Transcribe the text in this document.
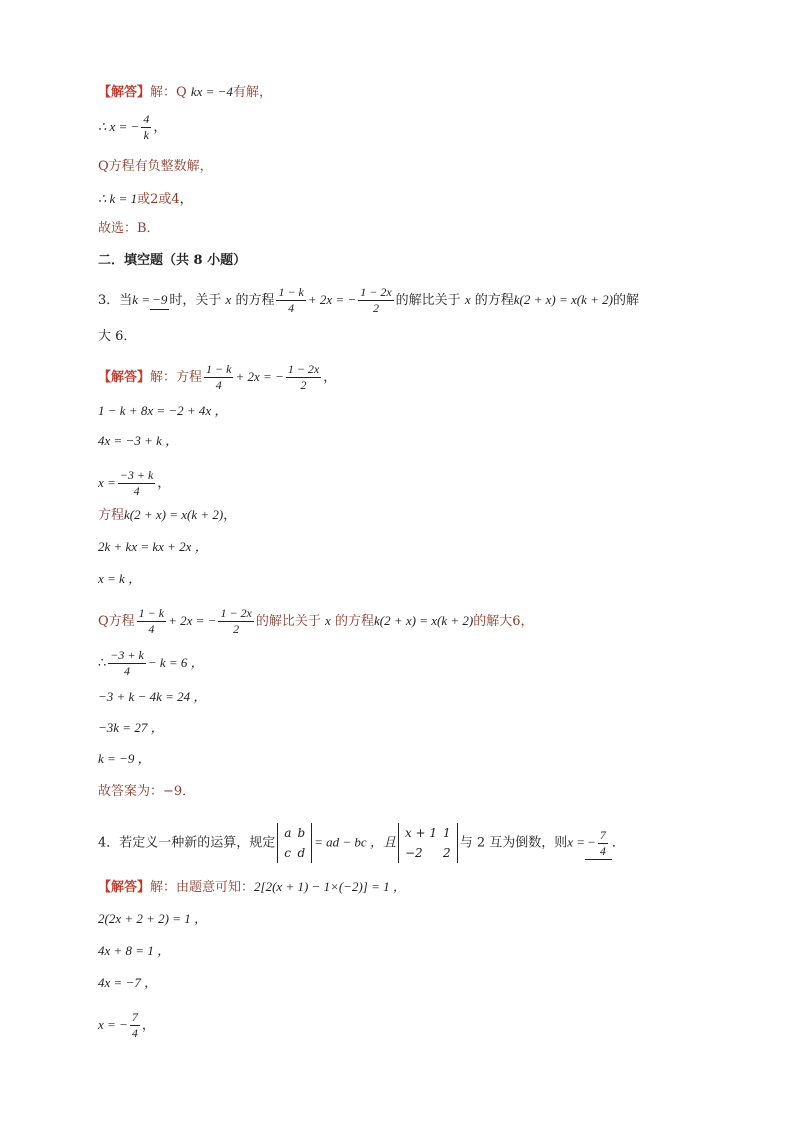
【解答】解：Q kx = −4有解，
∴ x = − $\frac{4}{k}$ ，
Q方程有负整数解，
∴ k = 1或2或4，
故选：B．
二．填空题（共 8 小题）
3．当k = −9 时，关于 x 的方程 $\frac{1 - k}{4} + 2x$ = − $\frac{1 - 2x}{2}$ 的解比关于 x 的方程k(2 + x) = x(k + 2)的解
大 6．
【解答】解：方程 $\frac{1 - k}{4} + 2x$ = − $\frac{1 - 2x}{2}$ ，
1 − k + 8x = −2 + 4x ，
4x = −3 + k ，
$x = \frac{-3 + k}{4}$ ，
方程k(2 + x) = x(k + 2)，
2k + kx = kx + 2x ，
x = k ，
Q方程 $\frac{1 - k}{4} + 2x$ = − $\frac{1 - 2x}{2}$ 的解比关于 x 的方程k(2 + x) = x(k + 2)的解大6，
∴ $\frac{-3 + k}{4} - k = 6$ ，
−3 + k − 4k = 24 ，
−3k = 27 ，
k = −9 ，
故答案为：−9．
4．若定义一种新的运算，规定
a	b
c	d
= ad − bc ，且
x + 1	1
−2	2
与 2 互为倒数，则x = − $\frac{7}{4}$ ．
【解答】解：由题意可知：2[2(x + 1) − 1×(−2)] = 1 ，
2(2x + 2 + 2) = 1 ，
4x + 8 = 1 ，
4x = −7 ，
x = − $\frac{7}{4}$ ，
